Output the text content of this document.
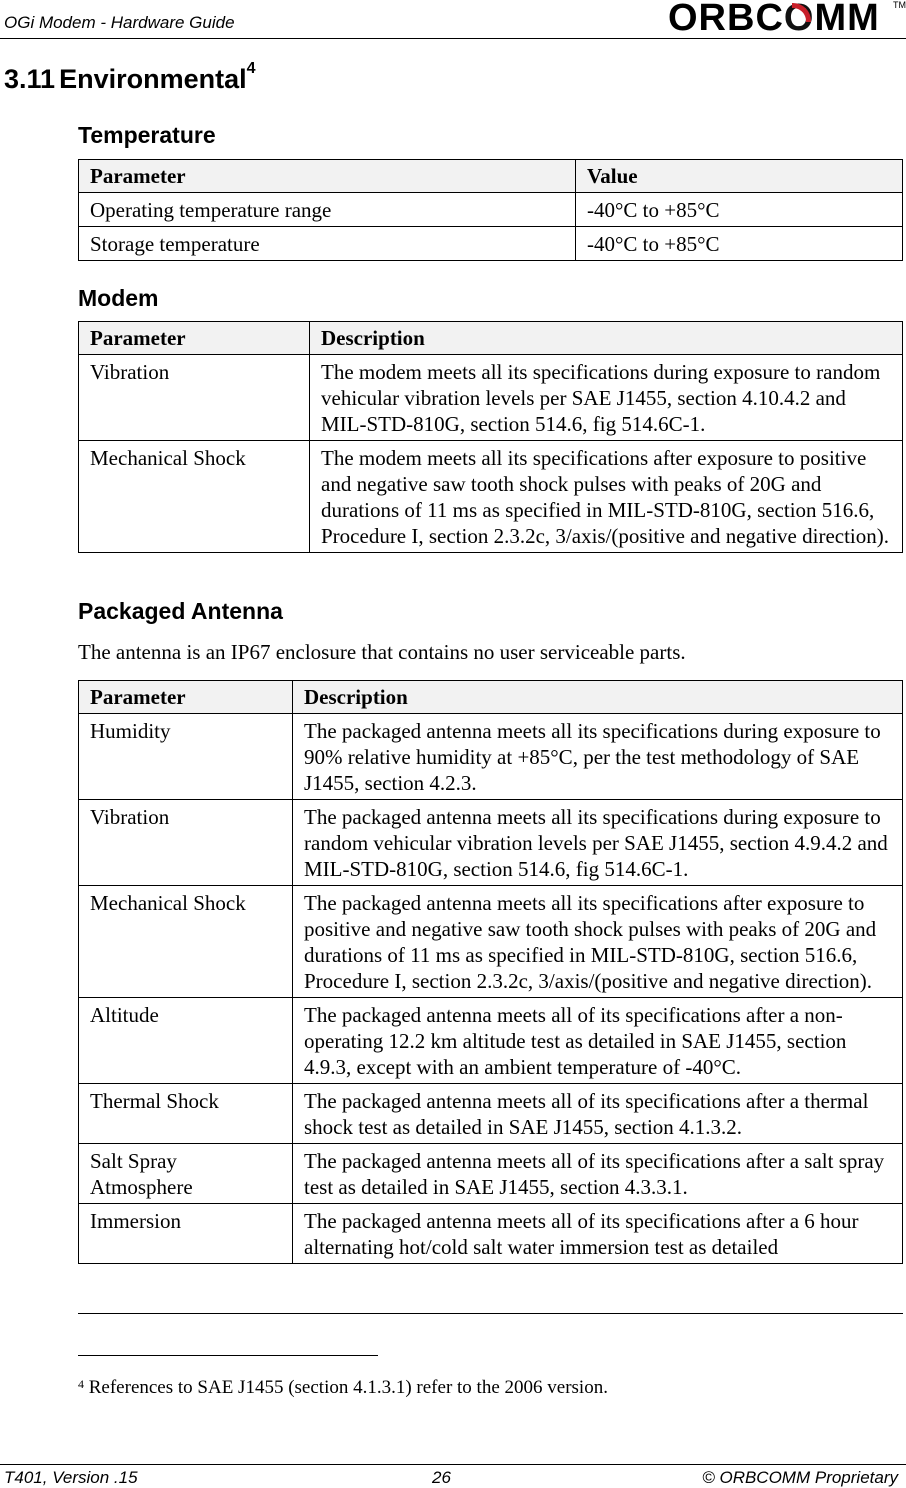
OGi Modem - Hardware Guide	ORBCOMM TM
3.11 Environmental$^4$
Temperature
Parameter	Value
Operating temperature range	-40°C to +85°C
Storage temperature	-40°C to +85°C
Modem
Parameter	Description
Vibration	The modem meets all its specifications during exposure to random vehicular vibration levels per SAE J1455, section 4.10.4.2 and MIL-STD-810G, section 514.6, fig 514.6C-1.
Mechanical Shock	The modem meets all its specifications after exposure to positive and negative saw tooth shock pulses with peaks of 20G and durations of 11 ms as specified in MIL-STD-810G, section 516.6, Procedure I, section 2.3.2c, 3/axis/(positive and negative direction).
Packaged Antenna
The antenna is an IP67 enclosure that contains no user serviceable parts.
Parameter	Description
Humidity	The packaged antenna meets all its specifications during exposure to 90% relative humidity at +85°C, per the test methodology of SAE J1455, section 4.2.3.
Vibration	The packaged antenna meets all its specifications during exposure to random vehicular vibration levels per SAE J1455, section 4.9.4.2 and MIL-STD-810G, section 514.6, fig 514.6C-1.
Mechanical Shock	The packaged antenna meets all its specifications after exposure to positive and negative saw tooth shock pulses with peaks of 20G and durations of 11 ms as specified in MIL-STD-810G, section 516.6, Procedure I, section 2.3.2c, 3/axis/(positive and negative direction).
Altitude	The packaged antenna meets all of its specifications after a non-operating 12.2 km altitude test as detailed in SAE J1455, section 4.9.3, except with an ambient temperature of -40°C.
Thermal Shock	The packaged antenna meets all of its specifications after a thermal shock test as detailed in SAE J1455, section 4.1.3.2.
Salt Spray Atmosphere	The packaged antenna meets all of its specifications after a salt spray test as detailed in SAE J1455, section 4.3.3.1.
Immersion	The packaged antenna meets all of its specifications after a 6 hour alternating hot/cold salt water immersion test as detailed
$^4$ References to SAE J1455 (section 4.1.3.1) refer to the 2006 version.
T401, Version .15	26	© ORBCOMM Proprietary
